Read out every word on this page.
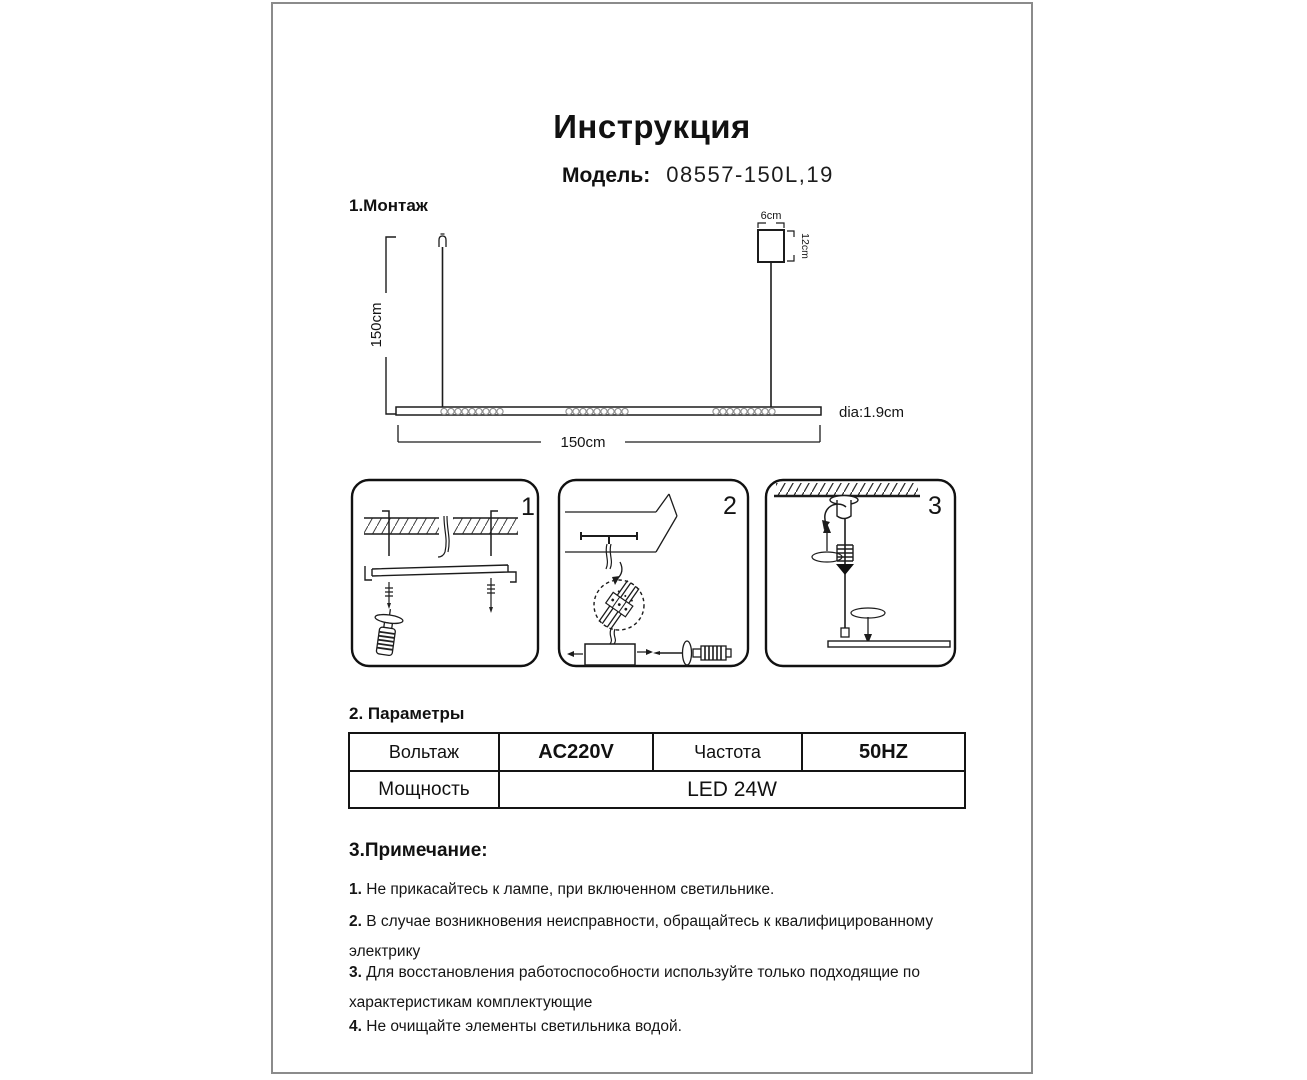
Инструкция
Модель: 08557-150L,19
1.Монтаж
150cm
6cm
12cm
dia:1.9cm
150cm
1	2	3
2. Параметры
Вольтаж	AC220V	Частота	50HZ
Мощность	LED 24W
3.Примечание:
1. Не прикасайтесь к лампе, при включенном светильнике.
2. В случае возникновения неисправности, обращайтесь к квалифицированному электрику
3. Для восстановления работоспособности используйте только подходящие по характеристикам комплектующие
4. Не очищайте элементы светильника водой.
